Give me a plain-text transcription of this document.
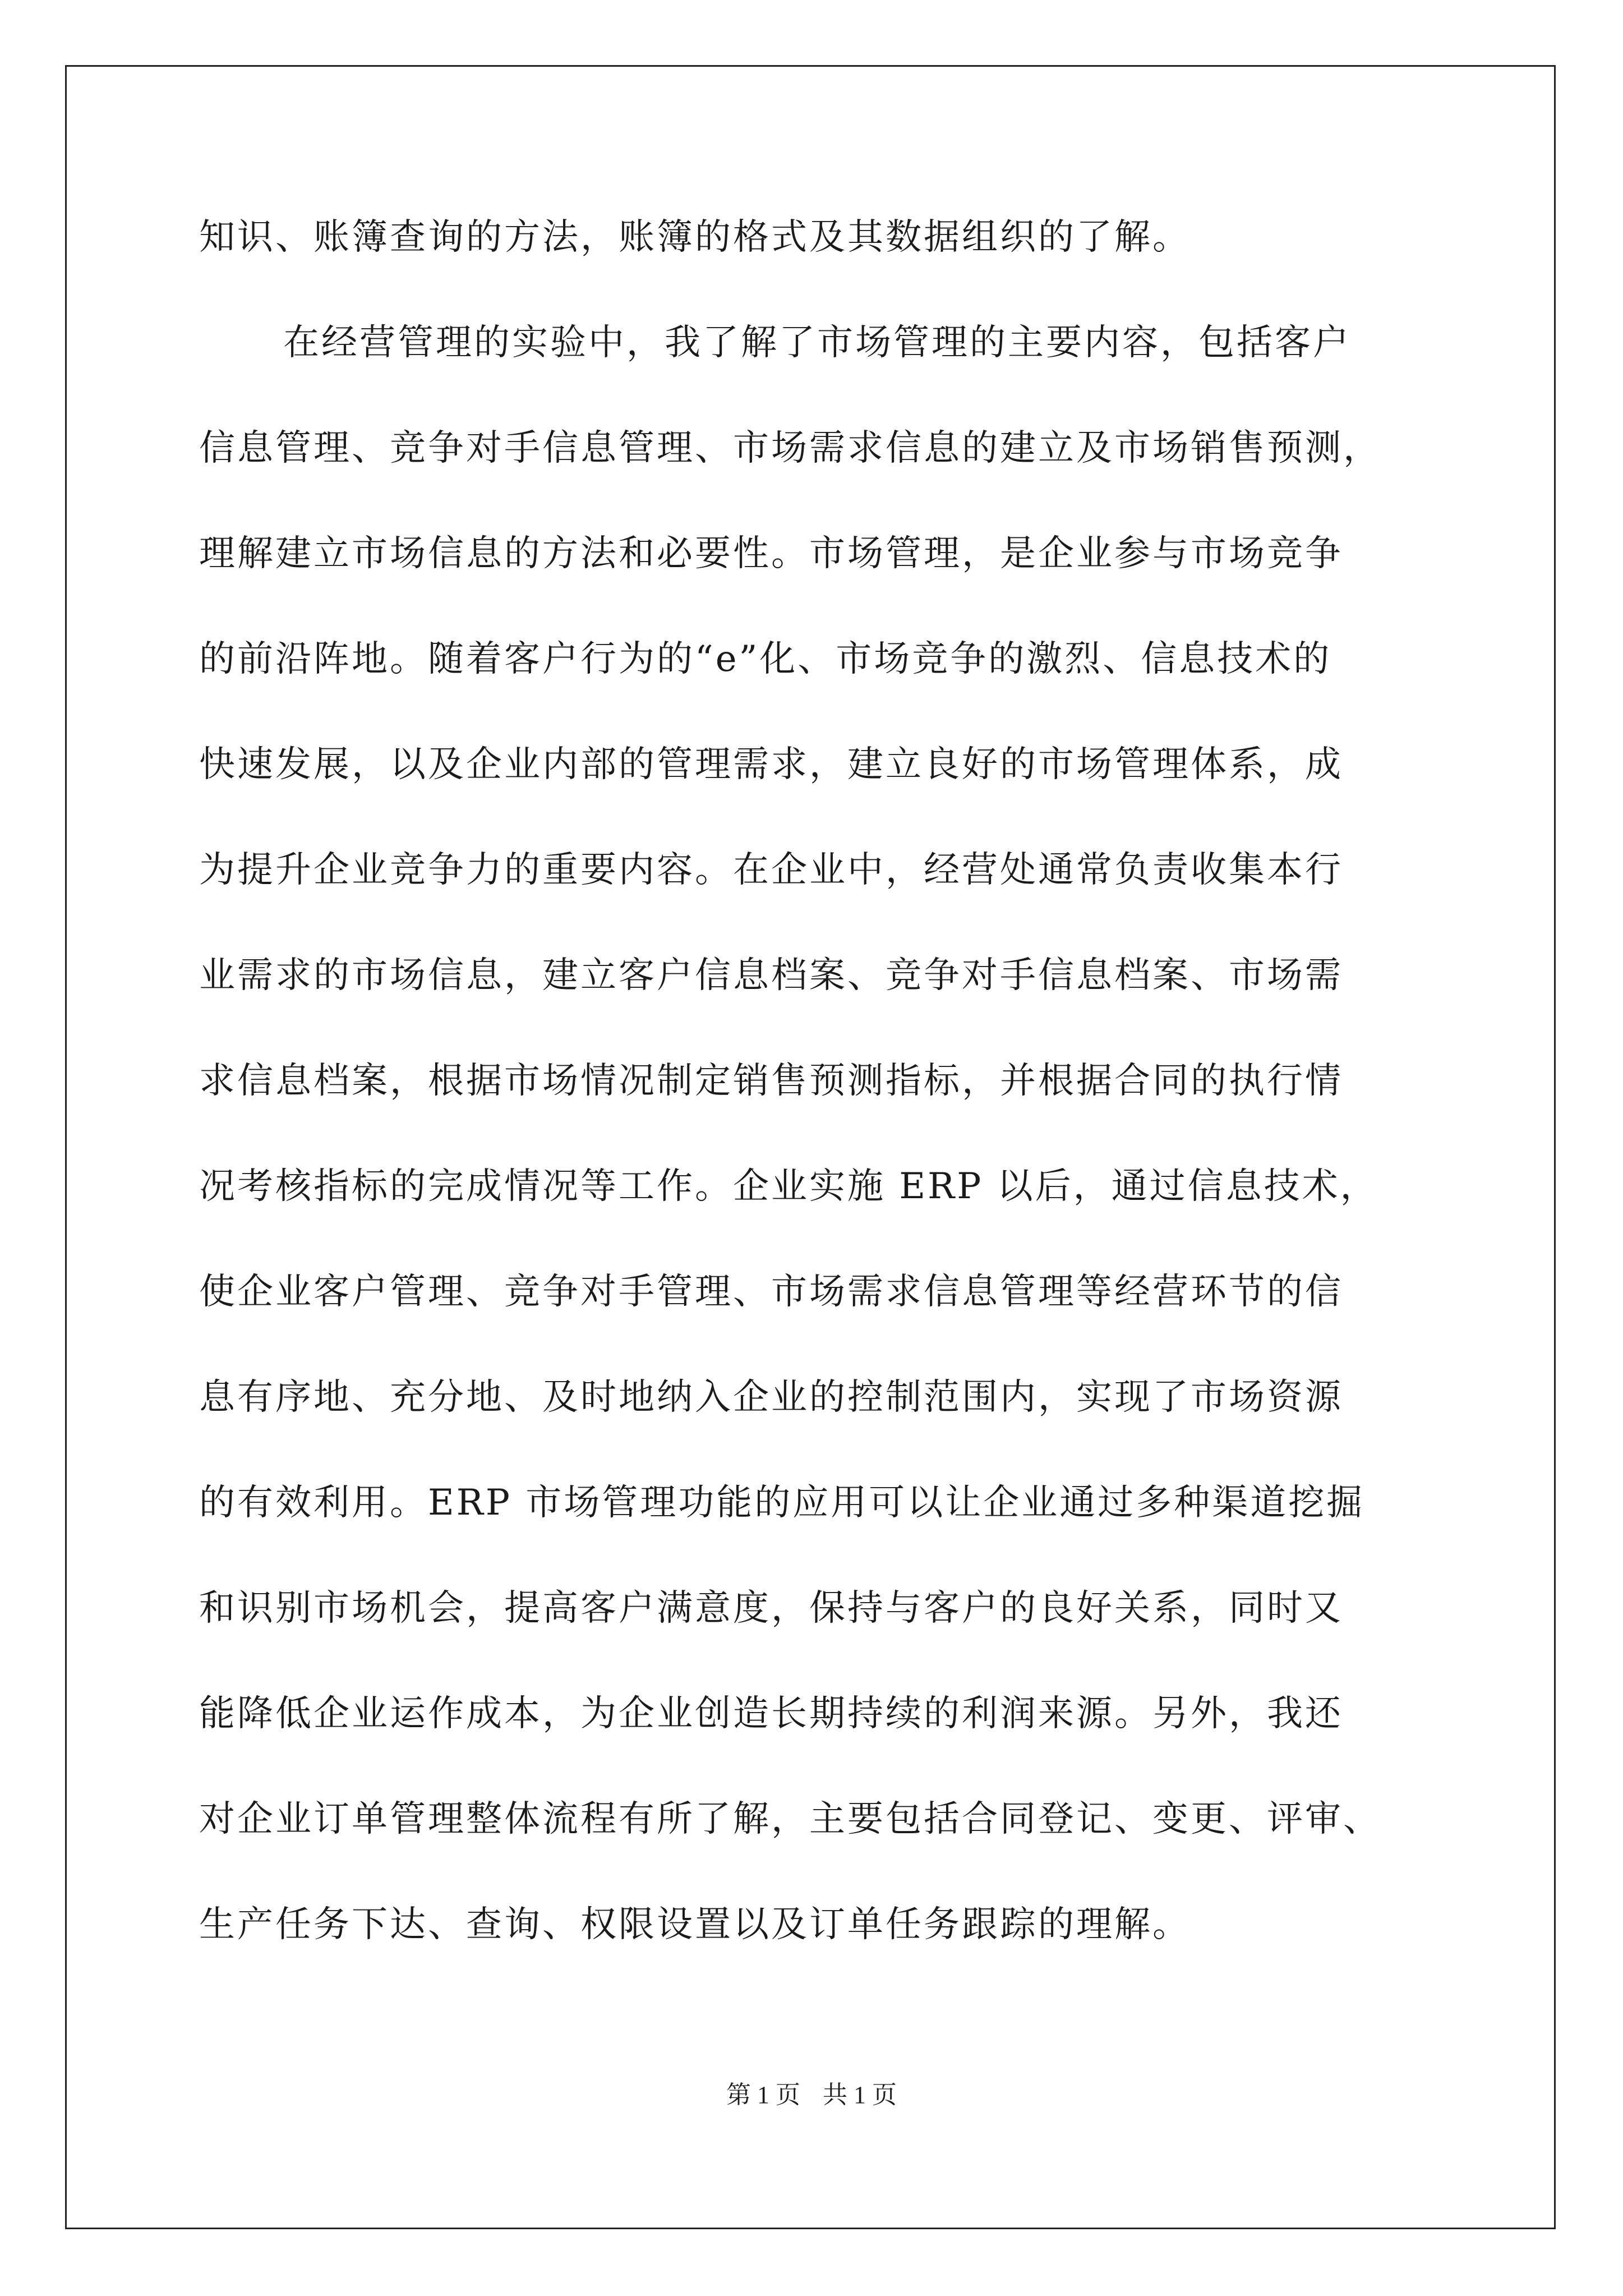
知识、账簿查询的方法，账簿的格式及其数据组织的了解。
在经营管理的实验中，我了解了市场管理的主要内容，包括客户
信息管理、竞争对手信息管理、市场需求信息的建立及市场销售预测，
理解建立市场信息的方法和必要性。市场管理，是企业参与市场竞争
的前沿阵地。随着客户行为的“e”化、市场竞争的激烈、信息技术的
快速发展，以及企业内部的管理需求，建立良好的市场管理体系，成
为提升企业竞争力的重要内容。在企业中，经营处通常负责收集本行
业需求的市场信息，建立客户信息档案、竞争对手信息档案、市场需
求信息档案，根据市场情况制定销售预测指标，并根据合同的执行情
况考核指标的完成情况等工作。企业实施 ERP 以后，通过信息技术，
使企业客户管理、竞争对手管理、市场需求信息管理等经营环节的信
息有序地、充分地、及时地纳入企业的控制范围内，实现了市场资源
的有效利用。ERP 市场管理功能的应用可以让企业通过多种渠道挖掘
和识别市场机会，提高客户满意度，保持与客户的良好关系，同时又
能降低企业运作成本，为企业创造长期持续的利润来源。另外，我还
对企业订单管理整体流程有所了解，主要包括合同登记、变更、评审、
生产任务下达、查询、权限设置以及订单任务跟踪的理解。
第 1 页 共 1 页
